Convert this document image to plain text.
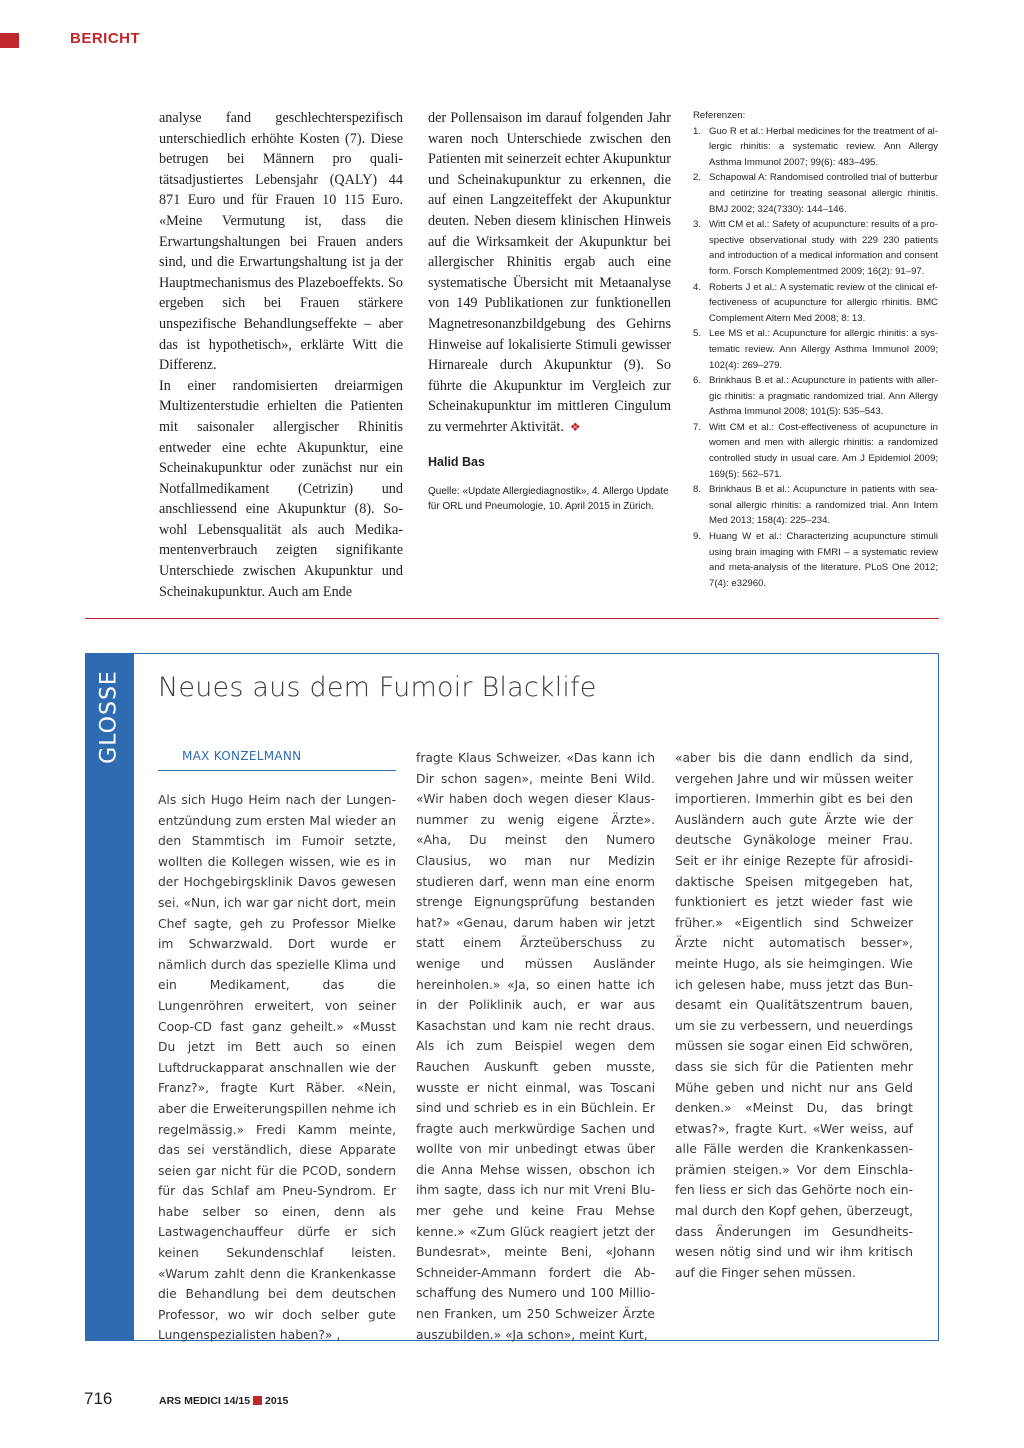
BERICHT

analyse fand geschlechterspezifisch unterschiedlich erhöhte Kosten (7). Diese betrugen bei Männern pro qualitätsadjustiertes Lebensjahr (QALY) 44 871 Euro und für Frauen 10 115 Euro. «Meine Vermutung ist, dass die Erwartungshaltungen bei Frauen anders sind, und die Erwartungshaltung ist ja der Hauptmechanismus des Plazeboeffekts. So ergeben sich bei Frauen stärkere unspezifische Behandlungseffekte – aber das ist hypothetisch», erklärte Witt die Differenz.

In einer randomisierten dreiarmigen Multizenterstudie erhielten die Patienten mit saisonaler allergischer Rhinitis entweder eine echte Akupunktur, eine Scheinakupunktur oder zunächst nur ein Notfallmedikament (Cetrizin) und anschliessend eine Akupunktur (8). Sowohl Lebensqualität als auch Medikamentenverbrauch zeigten signifikante Unterschiede zwischen Akupunktur und Scheinakupunktur. Auch am Ende

der Pollensaison im darauf folgenden Jahr waren noch Unterschiede zwischen den Patienten mit seinerzeit echter Akupunktur und Scheinakupunktur zu erkennen, die auf einen Langzeiteffekt der Akupunktur deuten. Neben diesem klinischen Hinweis auf die Wirksamkeit der Akupunktur bei allergischer Rhinitis ergab auch eine systematische Übersicht mit Metaanalyse von 149 Publikationen zur funktionellen Magnetresonanzbildgebung des Gehirns Hinweise auf lokalisierte Stimuli gewisser Hirnareale durch Akupunktur (9). So führte die Akupunktur im Vergleich zur Scheinakupunktur im mittleren Cingulum zu vermehrter Aktivität. ❖

Halid Bas
Quelle: «Update Allergiediagnostik», 4. Allergo Update für ORL und Pneumologie, 10. April 2015 in Zürich.
Referenzen:
1. Guo R et al.: Herbal medicines for the treatment of allergic rhinitis: a systematic review. Ann Allergy Asthma Immunol 2007; 99(6): 483–495.
2. Schapowal A: Randomised controlled trial of butterbur and cetirizine for treating seasonal allergic rhinitis. BMJ 2002; 324(7330): 144–146.
3. Witt CM et al.: Safety of acupuncture: results of a prospective observational study with 229 230 patients and introduction of a medical information and consent form. Forsch Komplementmed 2009; 16(2): 91–97.
4. Roberts J et al.: A systematic review of the clinical effectiveness of acupuncture for allergic rhinitis. BMC Complement Altern Med 2008; 8: 13.
5. Lee MS et al.: Acupuncture for allergic rhinitis: a systematic review. Ann Allergy Asthma Immunol 2009; 102(4): 269–279.
6. Brinkhaus B et al.: Acupuncture in patients with allergic rhinitis: a pragmatic randomized trial. Ann Allergy Asthma Immunol 2008; 101(5): 535–543.
7. Witt CM et al.: Cost-effectiveness of acupuncture in women and men with allergic rhinitis: a randomized controlled study in usual care. Am J Epidemiol 2009; 169(5): 562–571.
8. Brinkhaus B et al.: Acupuncture in patients with seasonal allergic rhinitis: a randomized trial. Ann Intern Med 2013; 158(4): 225–234.
9. Huang W et al.: Characterizing acupuncture stimuli using brain imaging with FMRI – a systematic review and meta-analysis of the literature. PLoS One 2012; 7(4): e32960.
GLOSSE Neues aus dem Fumoir Blacklife
MAX KONZELMANN
Als sich Hugo Heim nach der Lungenentzündung zum ersten Mal wieder an den Stammtisch im Fumoir setzte, wollten die Kollegen wissen, wie es in der Hochgebirgsklinik Davos gewesen sei. «Nun, ich war gar nicht dort, mein Chef sagte, geh zu Professor Mielke im Schwarzwald. Dort wurde er nämlich durch das spezielle Klima und ein Medikament, das die Lungenröhren erweitert, von seiner Coop-CD fast ganz geheilt.» «Musst Du jetzt im Bett auch so einen Luftdruckapparat anschnallen wie der Franz?», fragte Kurt Räber. «Nein, aber die Erweiterungspillen nehme ich regelmässig.» Fredi Kamm meinte, das sei verständlich, diese Apparate seien gar nicht für die PCOD, sondern für das Schlaf am Pneu-Syndrom. Er habe selber so einen, denn als Lastwagenchauffeur dürfe er sich keinen Sekundenschlaf leisten. «Warum zahlt denn die Krankenkasse die Behandlung bei dem deutschen Professor, wo wir doch selber gute Lungenspezialisten haben?» ,
fragte Klaus Schweizer. «Das kann ich Dir schon sagen», meinte Beni Wild. «Wir haben doch wegen dieser Klausnummer zu wenig eigene Ärzte». «Aha, Du meinst den Numero Clausius, wo man nur Medizin studieren darf, wenn man eine enorm strenge Eignungsprüfung bestanden hat?» «Genau, darum haben wir jetzt statt einem Ärzteüberschuss zu wenige und müssen Ausländer hereinholen.» «Ja, so einen hatte ich in der Poliklinik auch, er war aus Kasachstan und kam nie recht draus. Als ich zum Beispiel wegen dem Rauchen Auskunft geben musste, wusste er nicht einmal, was Toscani sind und schrieb es in ein Büchlein. Er fragte auch merkwürdige Sachen und wollte von mir unbedingt etwas über die Anna Mehse wissen, obschon ich ihm sagte, dass ich nur mit Vreni Blumer gehe und keine Frau Mehse kenne.» «Zum Glück reagiert jetzt der Bundesrat», meinte Beni, «Johann Schneider-Ammann fordert die Abschaffung des Numero und 100 Millionen Franken, um 250 Schweizer Ärzte auszubilden.» «Ja schon», meint Kurt,
«aber bis die dann endlich da sind, vergehen Jahre und wir müssen weiter importieren. Immerhin gibt es bei den Ausländern auch gute Ärzte wie der deutsche Gynäkologe meiner Frau. Seit er ihr einige Rezepte für afrosididaktische Speisen mitgegeben hat, funktioniert es jetzt wieder fast wie früher.» «Eigentlich sind Schweizer Ärzte nicht automatisch besser», meinte Hugo, als sie heimgingen. Wie ich gelesen habe, muss jetzt das Bundesamt ein Qualitätszentrum bauen, um sie zu verbessern, und neuerdings müssen sie sogar einen Eid schwören, dass sie sich für die Patienten mehr Mühe geben und nicht nur ans Geld denken.» «Meinst Du, das bringt etwas?», fragte Kurt. «Wer weiss, auf alle Fälle werden die Krankenkassenprämien steigen.» Vor dem Einschlafen liess er sich das Gehörte noch einmal durch den Kopf gehen, überzeugt, dass Änderungen im Gesundheitswesen nötig sind und wir ihm kritisch auf die Finger sehen müssen.
716	ARS MEDICI 14/15 2015
